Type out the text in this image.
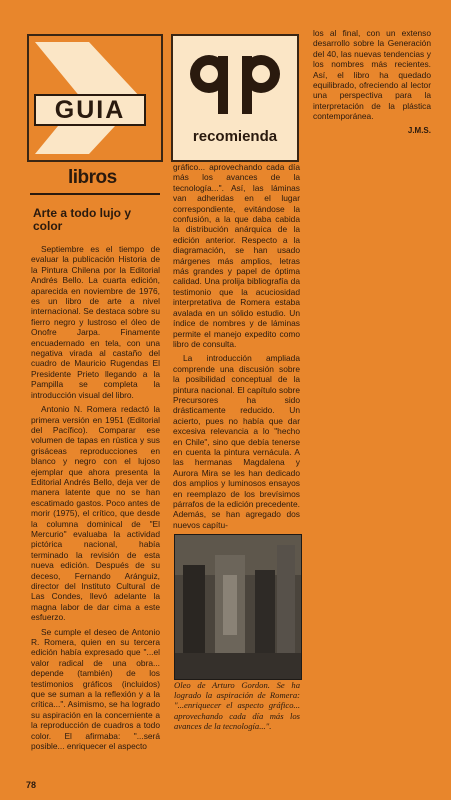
GUIA
libros
qp
recomienda
Arte a todo lujo y color

Septiembre es el tiempo de evaluar la publicación Historia de la Pintura Chilena por la Editorial Andrés Bello. La cuarta edición, aparecida en noviembre de 1976, es un libro de arte a nivel internacional. Se destaca sobre su fierro negro y lustroso el óleo de Onofre Jarpa. Finamente encuadernado en tela, con una negativa virada al castaño del cuadro de Mauricio Rugendas El Presidente Prieto llegando a la Pampilla se completa la introducción visual del libro.

Antonio N. Romera redactó la primera versión en 1951 (Editorial del Pacífico). Comparar ese volumen de tapas en rústica y sus grisáceas reproducciones en blanco y negro con el lujoso ejemplar que ahora presenta la Editorial Andrés Bello, deja ver de manera latente que no se han escatimado gastos. Poco antes de morir (1975), el crítico, que desde la columna dominical de "El Mercurio" evaluaba la actividad pictórica nacional, había terminado la revisión de esta nueva edición. Después de su deceso, Fernando Aránguiz, director del Instituto Cultural de Las Condes, llevó adelante la magna labor de dar cima a este esfuerzo.

Se cumple el deseo de Antonio R. Romera, quien en su tercera edición había expresado que "...el valor radical de una obra... depende (también) de los testimonios gráficos (incluidos) que se suman a la reflexión y a la crítica...". Asimismo, se ha logrado su aspiración en la concerniente a la reproducción de cuadros a todo color. El afirmaba: "...será posible... enriquecer el aspecto

gráfico... aprovechando cada día más los avances de la tecnología...". Así, las láminas van adheridas en el lugar correspondiente, evitándose la confusión, a la que daba cabida la distribución anárquica de la edición anterior. Respecto a la diagramación, se han usado márgenes más amplios, letras más grandes y papel de óptima calidad. Una prolija bibliografía da testimonio que la acuciosidad interpretativa de Romera estaba avalada en un sólido estudio. Un índice de nombres y de láminas permite el manejo expedito como libro de consulta.

La introducción ampliada comprende una discusión sobre la posibilidad conceptual de la pintura nacional. El capítulo sobre Precursores ha sido drásticamente reducido. Un acierto, pues no había que dar excesiva relevancia a lo "hecho en Chile", sino que debía tenerse en cuenta la pintura vernácula. A las hermanas Magdalena y Aurora Mira se les han dedicado dos amplios y luminosos ensayos en reemplazo de los brevísimos párrafos de la edición precedente. Además, se han agregado dos nuevos capítu-

Oleo de Arturo Gordon. Se ha logrado la aspiración de Romera: "...enriquecer el aspecto gráfico... aprovechando cada día más los avances de la tecnología...".

los al final, con un extenso desarrollo sobre la Generación del 40, las nuevas tendencias y los nombres más recientes. Así, el libro ha quedado equilibrado, ofreciendo al lector una perspectiva para la interpretación de la plástica contemporánea.

J.M.S.
78
